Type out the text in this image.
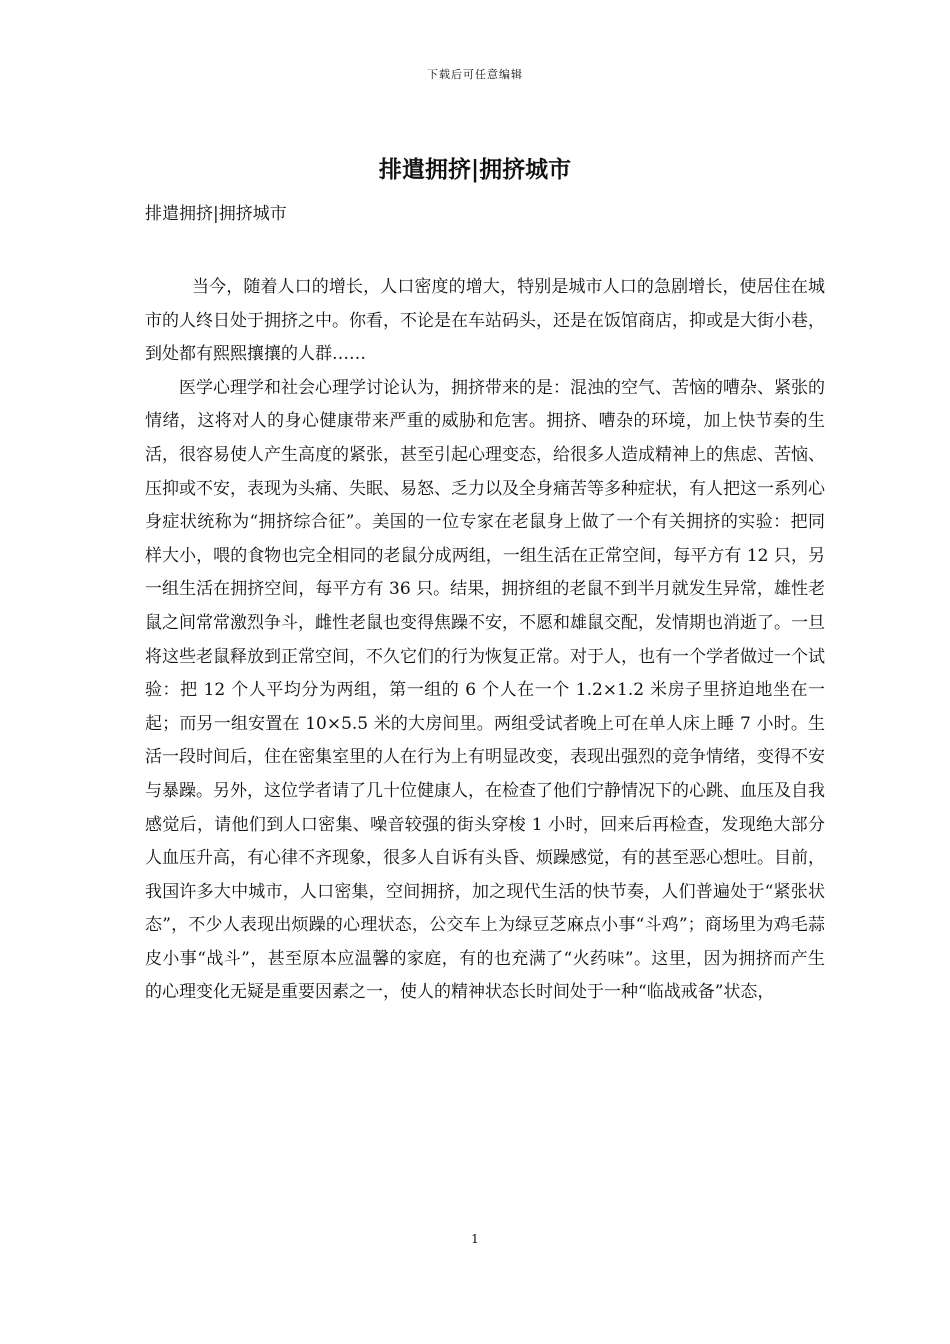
下载后可任意编辑
排遣拥挤|拥挤城市

排遣拥挤|拥挤城市

当今，随着人口的增长，人口密度的增大，特别是城市人口的急剧增长，使居住在城市的人终日处于拥挤之中。你看，不论是在车站码头，还是在饭馆商店，抑或是大街小巷，到处都有熙熙攘攘的人群……

医学心理学和社会心理学讨论认为，拥挤带来的是：混浊的空气、苦恼的嘈杂、紧张的情绪，这将对人的身心健康带来严重的威胁和危害。拥挤、嘈杂的环境，加上快节奏的生活，很容易使人产生高度的紧张，甚至引起心理变态，给很多人造成精神上的焦虑、苦恼、压抑或不安，表现为头痛、失眠、易怒、乏力以及全身痛苦等多种症状，有人把这一系列心身症状统称为“拥挤综合征”。美国的一位专家在老鼠身上做了一个有关拥挤的实验：把同样大小，喂的食物也完全相同的老鼠分成两组，一组生活在正常空间，每平方有 12 只，另一组生活在拥挤空间，每平方有 36 只。结果，拥挤组的老鼠不到半月就发生异常，雄性老鼠之间常常激烈争斗，雌性老鼠也变得焦躁不安，不愿和雄鼠交配，发情期也消逝了。一旦将这些老鼠释放到正常空间，不久它们的行为恢复正常。对于人，也有一个学者做过一个试验：把 12 个人平均分为两组，第一组的 6 个人在一个 1.2×1.2 米房子里挤迫地坐在一起；而另一组安置在 10×5.5 米的大房间里。两组受试者晚上可在单人床上睡 7 小时。生活一段时间后，住在密集室里的人在行为上有明显改变，表现出强烈的竞争情绪，变得不安与暴躁。另外，这位学者请了几十位健康人，在检查了他们宁静情况下的心跳、血压及自我感觉后，请他们到人口密集、噪音较强的街头穿梭 1 小时，回来后再检查，发现绝大部分人血压升高，有心律不齐现象，很多人自诉有头昏、烦躁感觉，有的甚至恶心想吐。目前，我国许多大中城市，人口密集，空间拥挤，加之现代生活的快节奏，人们普遍处于“紧张状态”，不少人表现出烦躁的心理状态，公交车上为绿豆芝麻点小事“斗鸡”；商场里为鸡毛蒜皮小事“战斗”，甚至原本应温馨的家庭，有的也充满了“火药味”。这里，因为拥挤而产生的心理变化无疑是重要因素之一，使人的精神状态长时间处于一种“临战戒备”状态，

1
